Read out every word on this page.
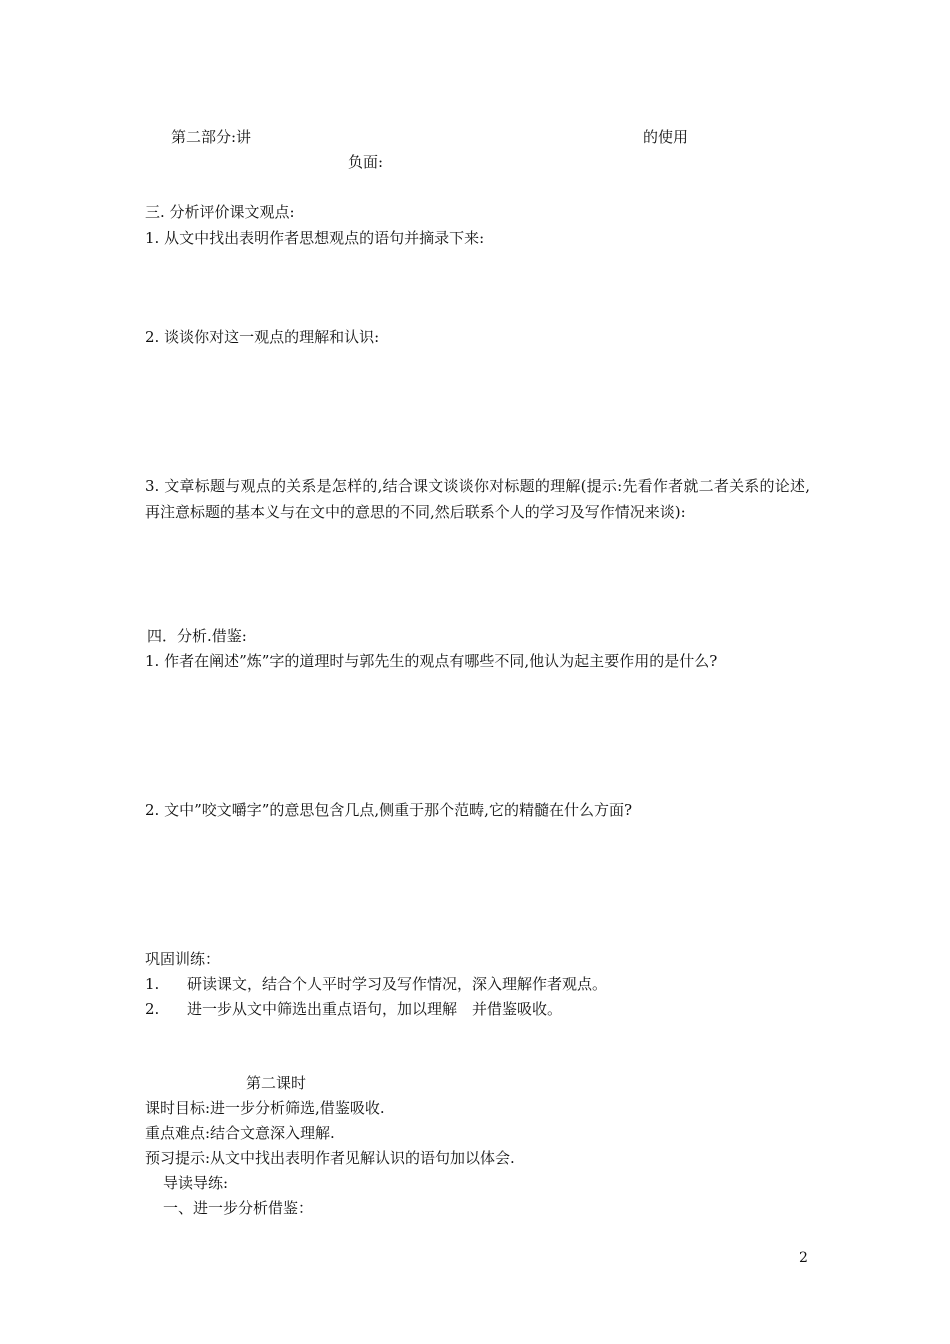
第二部分:讲	的使用
负面:
三. 分析评价课文观点:
1. 从文中找出表明作者思想观点的语句并摘录下来:
2. 谈谈你对这一观点的理解和认识:
3. 文章标题与观点的关系是怎样的,结合课文谈谈你对标题的理解(提示:先看作者就二者关系的论述,再注意标题的基本义与在文中的意思的不同,然后联系个人的学习及写作情况来谈):
四．分析.借鉴:
1. 作者在阐述”炼”字的道理时与郭先生的观点有哪些不同,他认为起主要作用的是什么?
2. 文中”咬文嚼字”的意思包含几点,侧重于那个范畴,它的精髓在什么方面?
巩固训练：
1. 研读课文，结合个人平时学习及写作情况，深入理解作者观点。
2. 进一步从文中筛选出重点语句，加以理解　并借鉴吸收。
第二课时
课时目标:进一步分析筛选,借鉴吸收.
重点难点:结合文意深入理解.
预习提示:从文中找出表明作者见解认识的语句加以体会.
导读导练:
一、进一步分析借鉴：
2
